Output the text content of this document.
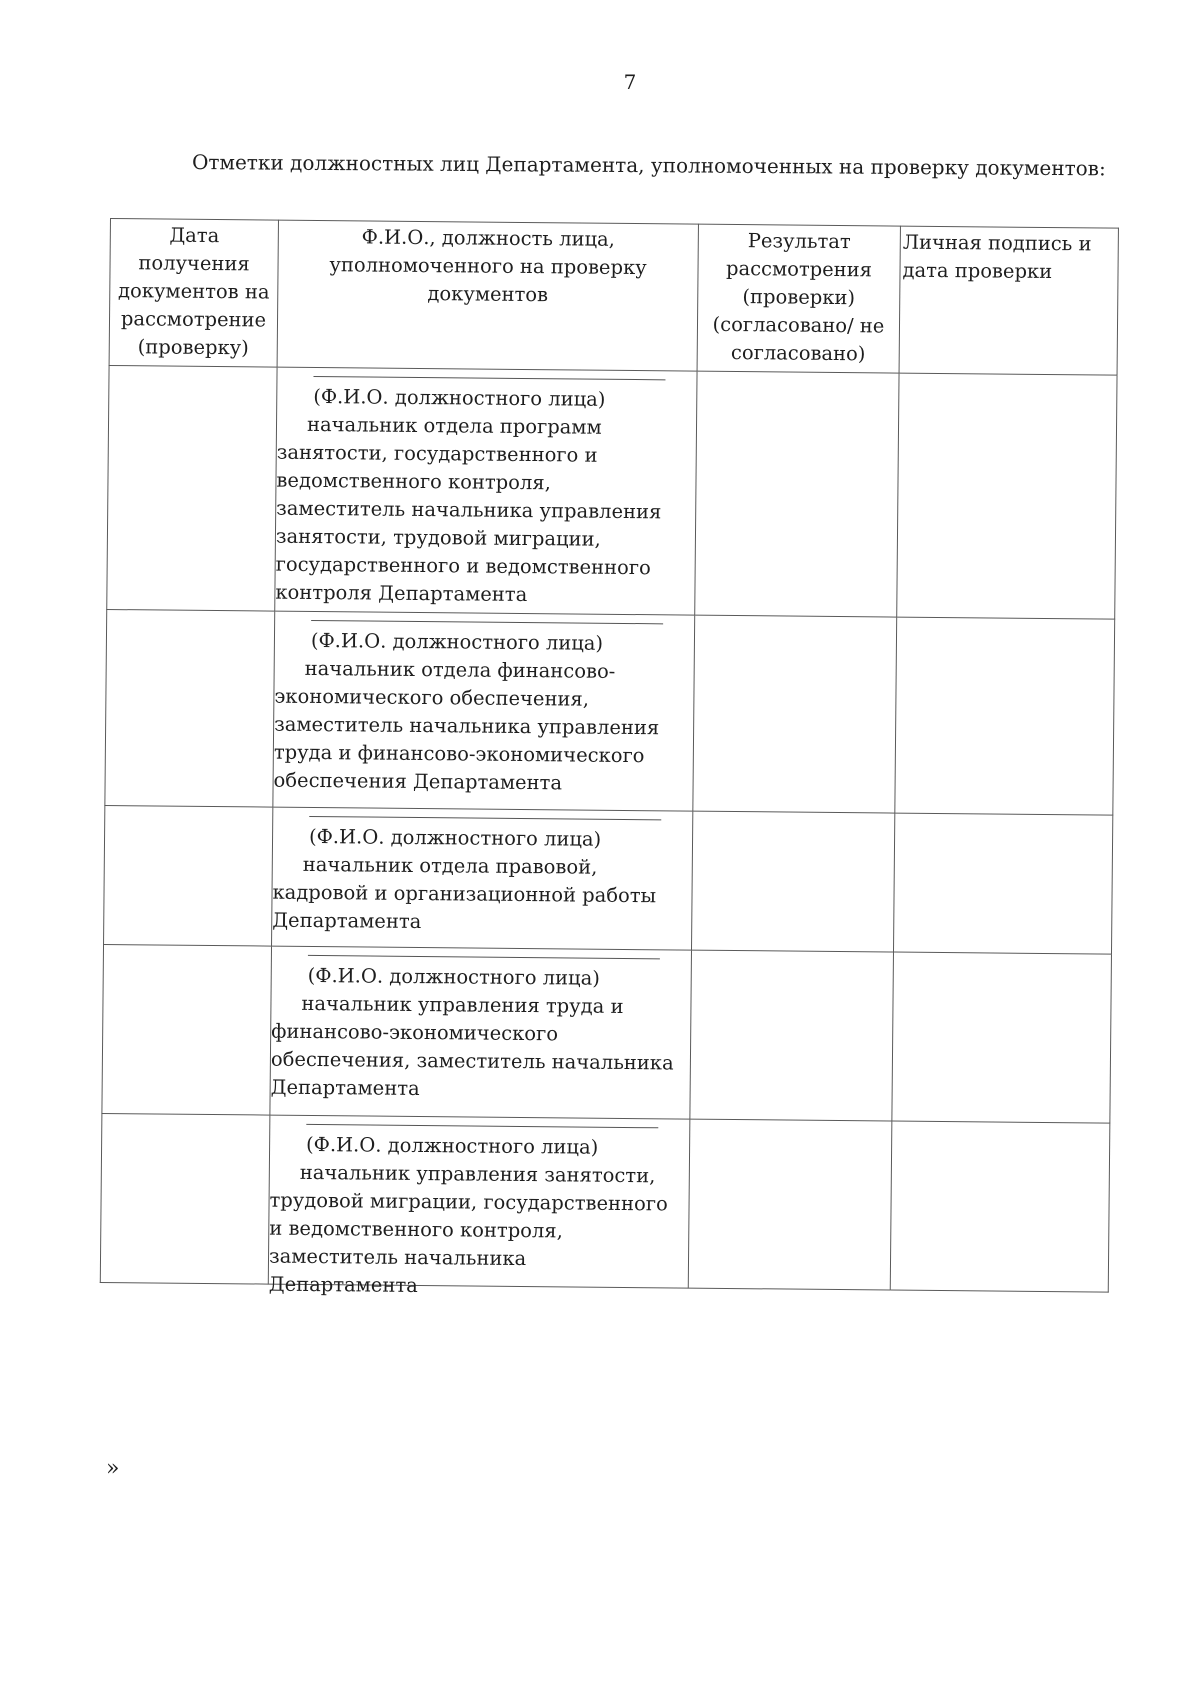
7
Отметки должностных лиц Департамента, уполномоченных на проверку документов:
Дата получения документов на рассмотрение (проверку)	Ф.И.О., должность лица, уполномоченного на проверку документов	Результат рассмотрения (проверки) (согласовано/ не согласовано)	Личная подпись и дата проверки

	(Ф.И.О. должностного лица)
начальник отдела программ занятости, государственного и ведомственного контроля, заместитель начальника управления занятости, трудовой миграции, государственного и ведомственного контроля Департамента		

	(Ф.И.О. должностного лица)
начальник отдела финансово-экономического обеспечения, заместитель начальника управления труда и финансово-экономического обеспечения Департамента		

	(Ф.И.О. должностного лица)
начальник отдела правовой, кадровой и организационной работы Департамента		

	(Ф.И.О. должностного лица)
начальник управления труда и финансово-экономического обеспечения, заместитель начальника Департамента		

	(Ф.И.О. должностного лица)
начальник управления занятости, трудовой миграции, государственного и ведомственного контроля, заместитель начальника Департамента		

»
